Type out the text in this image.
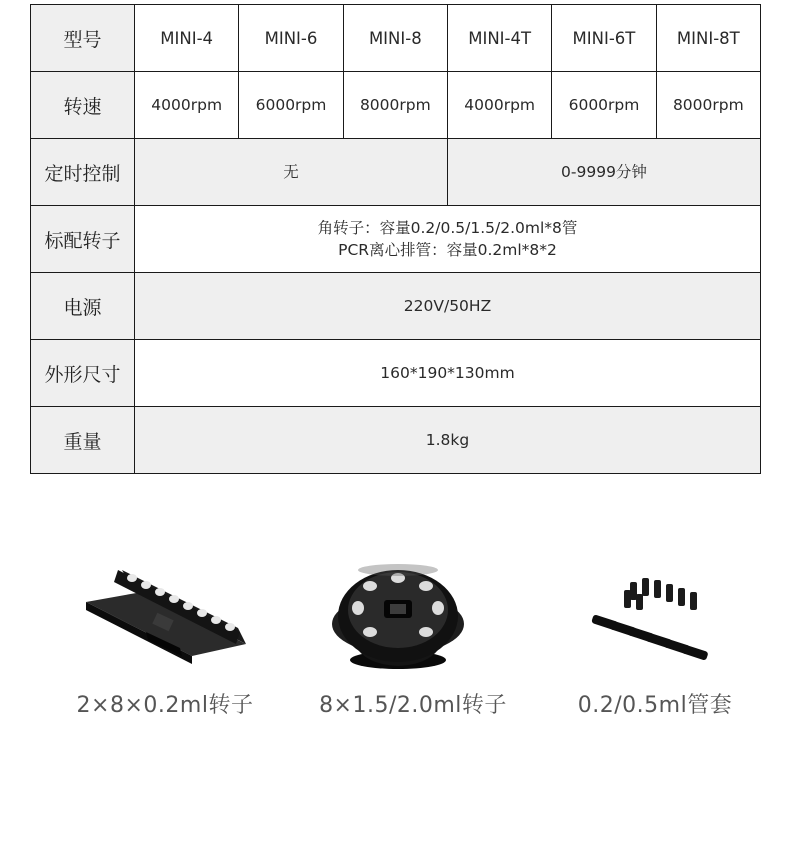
型号	MINI-4	MINI-6	MINI-8	MINI-4T	MINI-6T	MINI-8T
转速	4000rpm	6000rpm	8000rpm	4000rpm	6000rpm	8000rpm
定时控制	无			0-9999分钟		
标配转子	角转子：容量0.2/0.5/1.5/2.0ml*8管
PCR离心排管：容量0.2ml*8*2					

电源	220V/50HZ					
外形尺寸	160*190*130mm					
重量	1.8kg					
2×8×0.2ml转子	8×1.5/2.0ml转子	0.2/0.5ml管套
